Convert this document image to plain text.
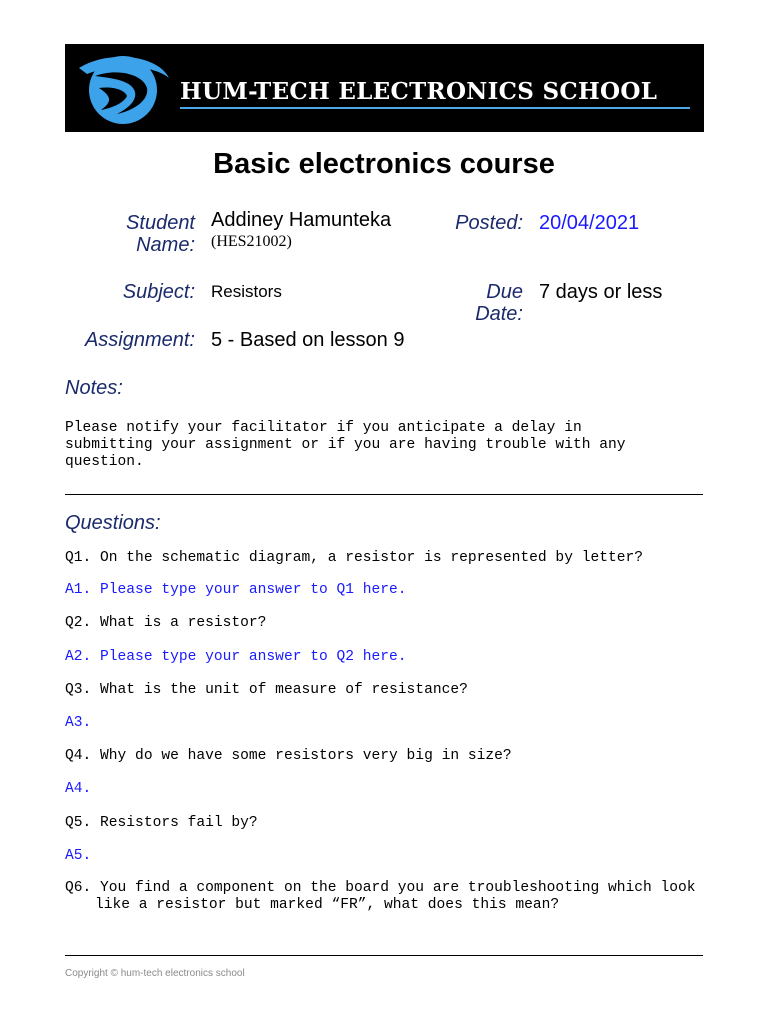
HUM-TECH ELECTRONICS SCHOOL
Basic electronics course
Student
Name:
Addiney Hamunteka
(HES21002)
Posted: 20/04/2021
Subject: Resistors	Due
Date:
7 days or less
Assignment: 5 - Based on lesson 9
Notes:
Please notify your facilitator if you anticipate a delay in submitting your assignment or if you are having trouble with any question.
Questions:
Q1. On the schematic diagram, a resistor is represented by letter?
A1. Please type your answer to Q1 here.
Q2. What is a resistor?
A2. Please type your answer to Q2 here.
Q3. What is the unit of measure of resistance?
A3.
Q4. Why do we have some resistors very big in size?
A4.
Q5. Resistors fail by?
A5.
Q6. You find a component on the board you are troubleshooting which look like a resistor but marked “FR”, what does this mean?
Copyright © hum-tech electronics school
